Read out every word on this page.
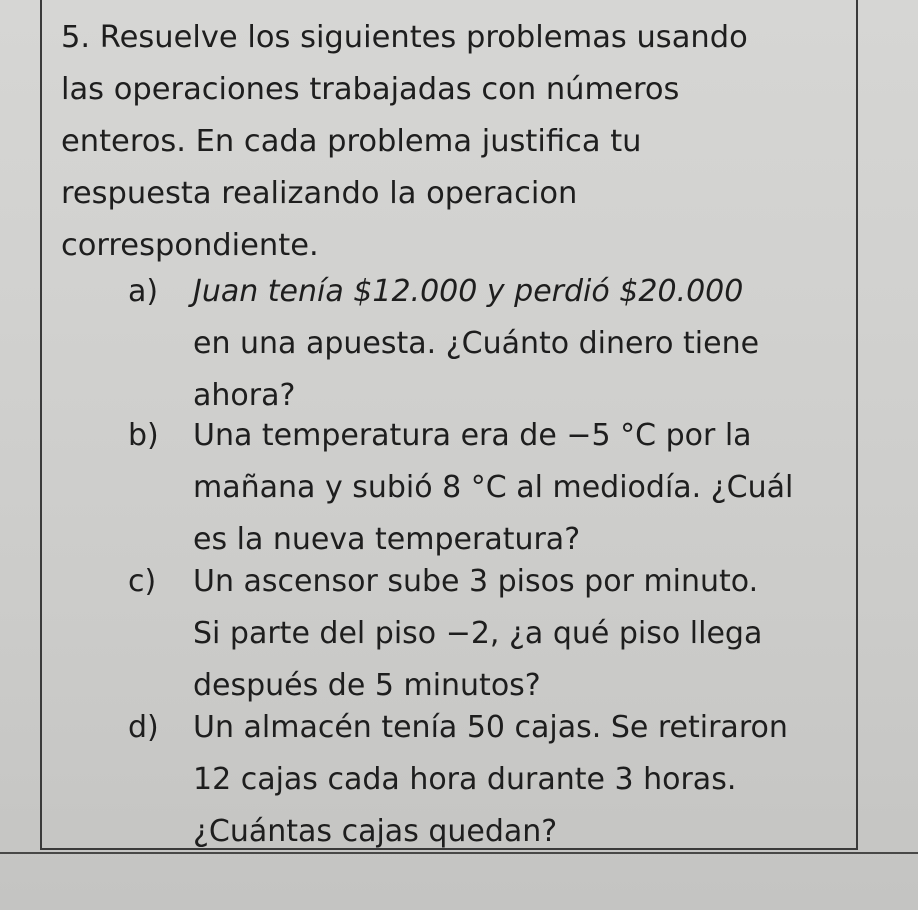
5. Resuelve los siguientes problemas usando
las operaciones trabajadas con números
enteros. En cada problema justifica tu
respuesta realizando la operacion
correspondiente.

a) Juan tenía $12.000 y perdió $20.000
en una apuesta. ¿Cuánto dinero tiene
ahora?
b) Una temperatura era de −5 °C por la
mañana y subió 8 °C al mediodía. ¿Cuál
es la nueva temperatura?
c) Un ascensor sube 3 pisos por minuto.
Si parte del piso −2, ¿a qué piso llega
después de 5 minutos?
d) Un almacén tenía 50 cajas. Se retiraron
12 cajas cada hora durante 3 horas.
¿Cuántas cajas quedan?
